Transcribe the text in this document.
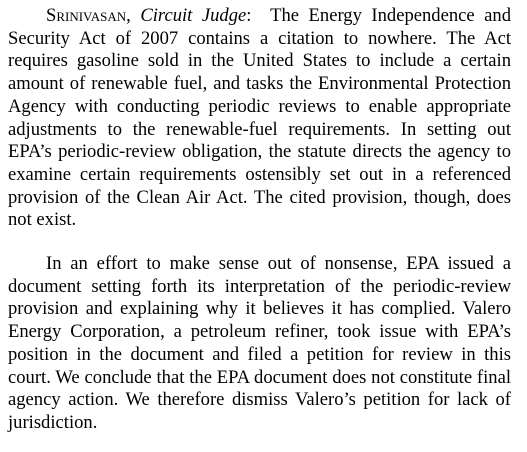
Srinivasan, Circuit Judge: The Energy Independence and Security Act of 2007 contains a citation to nowhere. The Act requires gasoline sold in the United States to include a certain amount of renewable fuel, and tasks the Environmental Protection Agency with conducting periodic reviews to enable appropriate adjustments to the renewable-fuel requirements. In setting out EPA’s periodic-review obligation, the statute directs the agency to examine certain requirements ostensibly set out in a referenced provision of the Clean Air Act. The cited provision, though, does not exist.

In an effort to make sense out of nonsense, EPA issued a document setting forth its interpretation of the periodic-review provision and explaining why it believes it has complied. Valero Energy Corporation, a petroleum refiner, took issue with EPA’s position in the document and filed a petition for review in this court. We conclude that the EPA document does not constitute final agency action. We therefore dismiss Valero’s petition for lack of jurisdiction.
